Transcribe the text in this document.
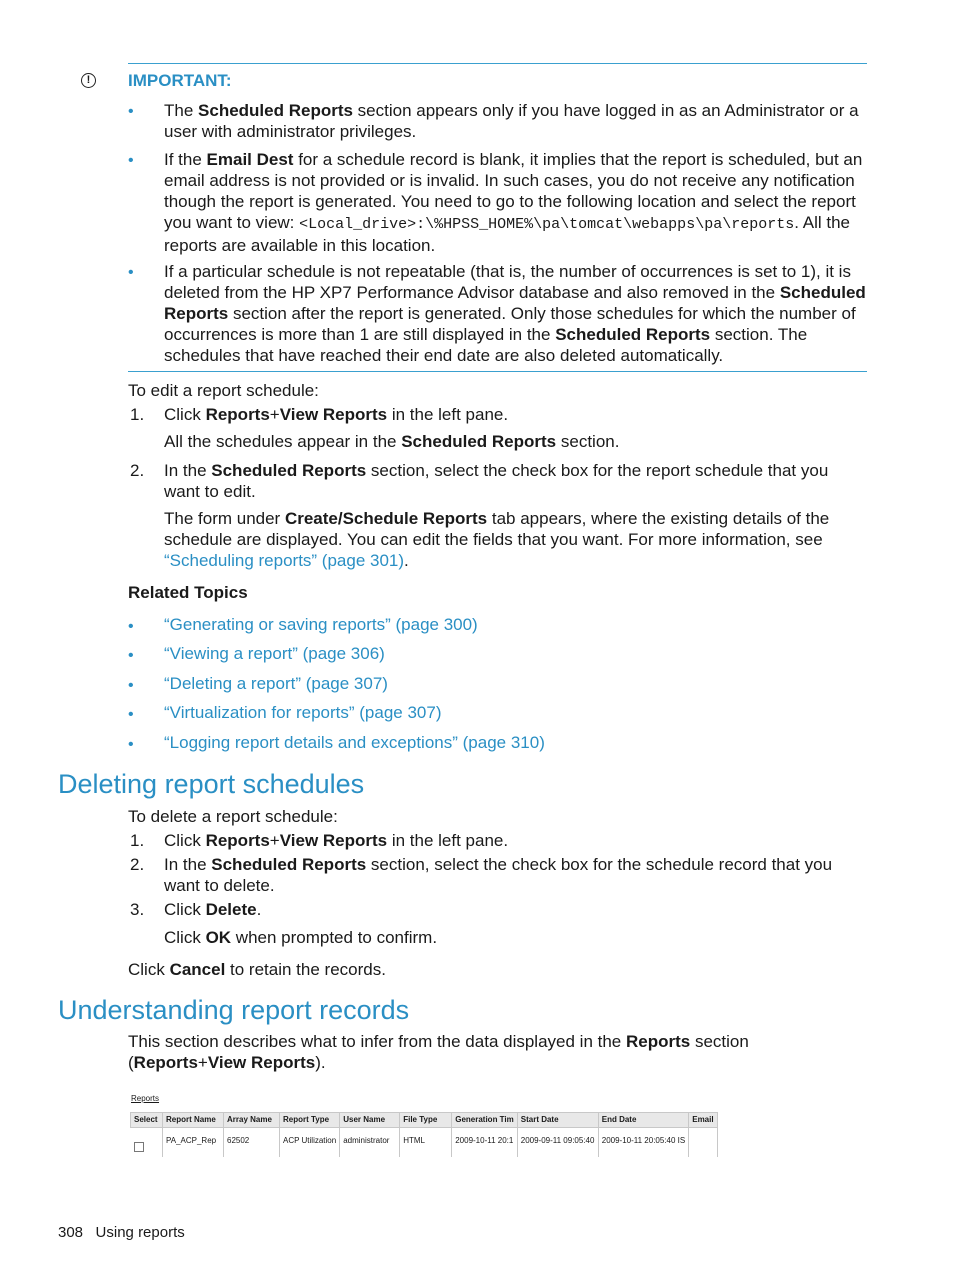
!	IMPORTANT:
• The Scheduled Reports section appears only if you have logged in as an Administrator or a user with administrator privileges.
• If the Email Dest for a schedule record is blank, it implies that the report is scheduled, but an email address is not provided or is invalid. In such cases, you do not receive any notification though the report is generated. You need to go to the following location and select the report you want to view: <Local_drive>:\%HPSS_HOME%\pa\tomcat\webapps\pa\reports. All the reports are available in this location.
• If a particular schedule is not repeatable (that is, the number of occurrences is set to 1), it is deleted from the HP XP7 Performance Advisor database and also removed in the Scheduled Reports section after the report is generated. Only those schedules for which the number of occurrences is more than 1 are still displayed in the Scheduled Reports section. The schedules that have reached their end date are also deleted automatically.
To edit a report schedule:
1. Click Reports+View Reports in the left pane.
All the schedules appear in the Scheduled Reports section.
2. In the Scheduled Reports section, select the check box for the report schedule that you want to edit.
The form under Create/Schedule Reports tab appears, where the existing details of the schedule are displayed. You can edit the fields that you want. For more information, see “Scheduling reports” (page 301).
Related Topics
• “Generating or saving reports” (page 300)
• “Viewing a report” (page 306)
• “Deleting a report” (page 307)
• “Virtualization for reports” (page 307)
• “Logging report details and exceptions” (page 310)
Deleting report schedules
To delete a report schedule:
1. Click Reports+View Reports in the left pane.
2. In the Scheduled Reports section, select the check box for the schedule record that you want to delete.
3. Click Delete.
Click OK when prompted to confirm.
Click Cancel to retain the records.
Understanding report records
This section describes what to infer from the data displayed in the Reports section (Reports+View Reports).
Reports
Select	Report Name	Array Name	Report Type	User Name	File Type	Generation Tim	Start Date	End Date	Email
	PA_ACP_Rep	62502	ACP Utilization	administrator	HTML	2009-10-11 20:1	2009-09-11 09:05:40	2009-10-11 20:05:40 IS	
308 Using reports
